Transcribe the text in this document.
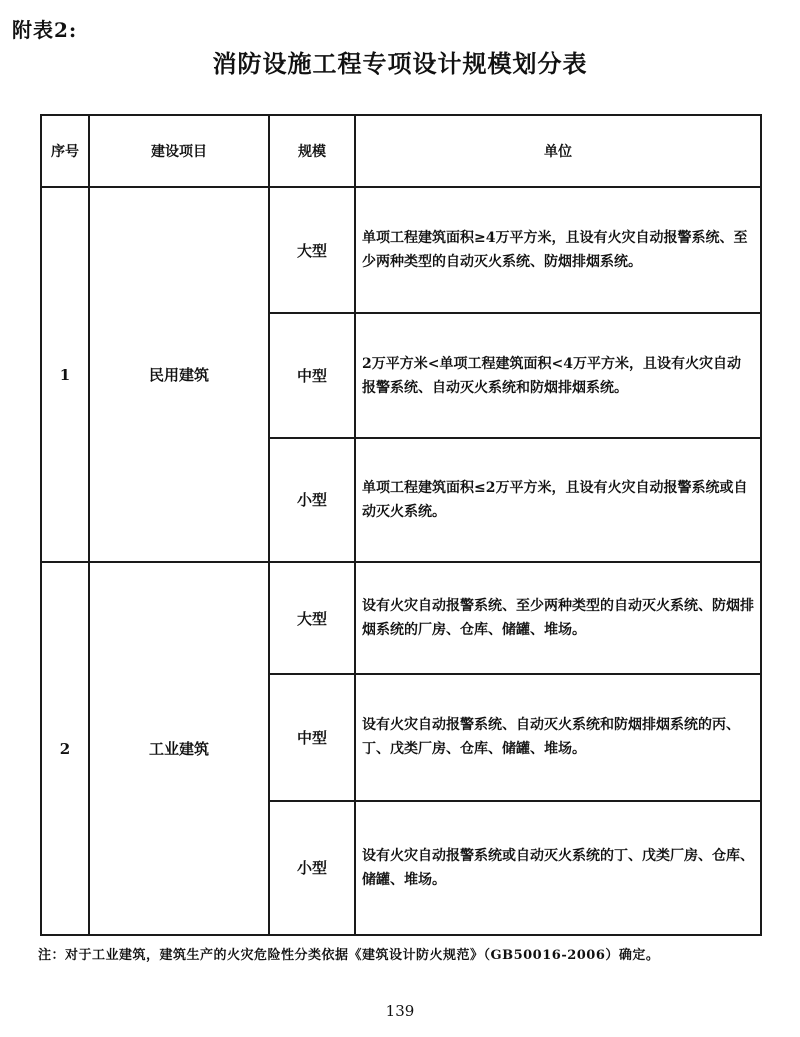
附表2:
消防设施工程专项设计规模划分表
序号	建设项目	规模	单位
1	民用建筑	大型	单项工程建筑面积≥4万平方米，且设有火灾自动报警系统、至少两种类型的自动灭火系统、防烟排烟系统。
		中型	2万平方米<单项工程建筑面积<4万平方米，且设有火灾自动报警系统、自动灭火系统和防烟排烟系统。
		小型	单项工程建筑面积≤2万平方米，且设有火灾自动报警系统或自动灭火系统。
2	工业建筑	大型	设有火灾自动报警系统、至少两种类型的自动灭火系统、防烟排烟系统的厂房、仓库、储罐、堆场。
		中型	设有火灾自动报警系统、自动灭火系统和防烟排烟系统的丙、丁、戊类厂房、仓库、储罐、堆场。
		小型	设有火灾自动报警系统或自动灭火系统的丁、戊类厂房、仓库、储罐、堆场。
注：对于工业建筑，建筑生产的火灾危险性分类依据《建筑设计防火规范》（GB50016-2006）确定。
139
